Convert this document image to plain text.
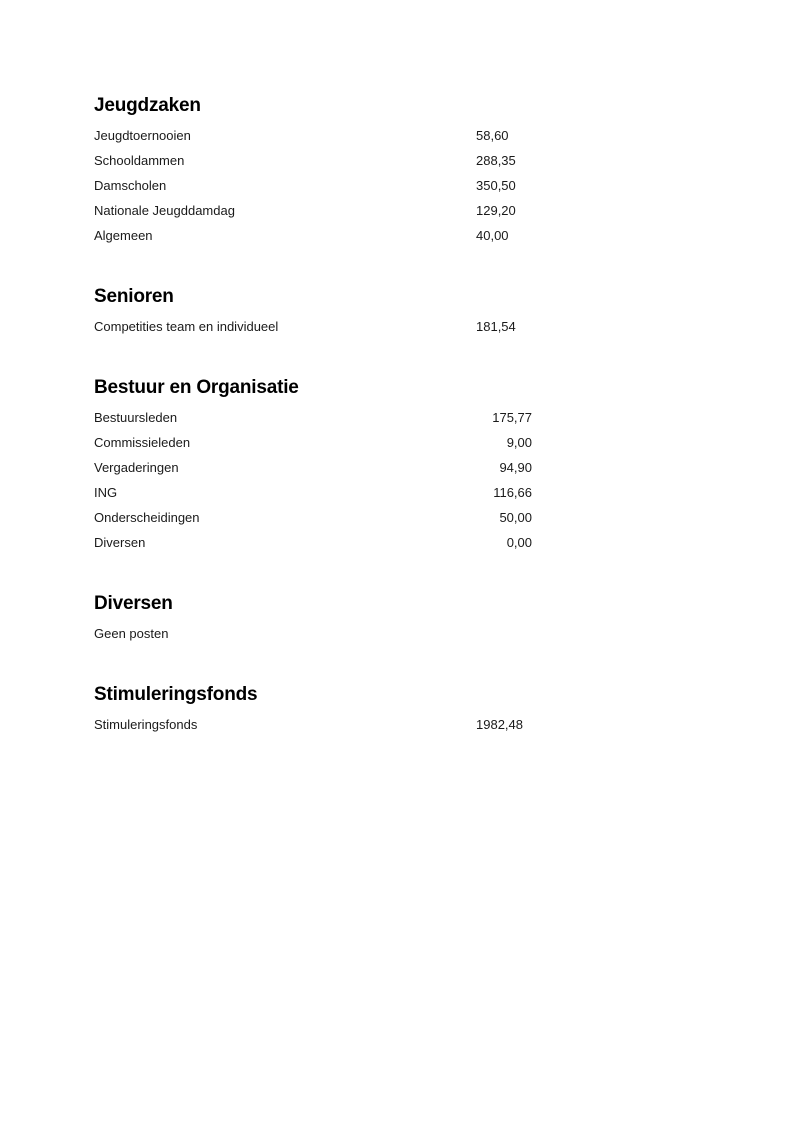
Jeugdzaken
Jeugdtoernooien	58,60
Schooldammen	288,35
Damscholen	350,50
Nationale Jeugddamdag	129,20
Algemeen	40,00
Senioren
Competities team en individueel	181,54
Bestuur en Organisatie
Bestuursleden	175,77
Commissieleden	9,00
Vergaderingen	94,90
ING	116,66
Onderscheidingen	50,00
Diversen	0,00
Diversen
Geen posten
Stimuleringsfonds
Stimuleringsfonds	1982,48
